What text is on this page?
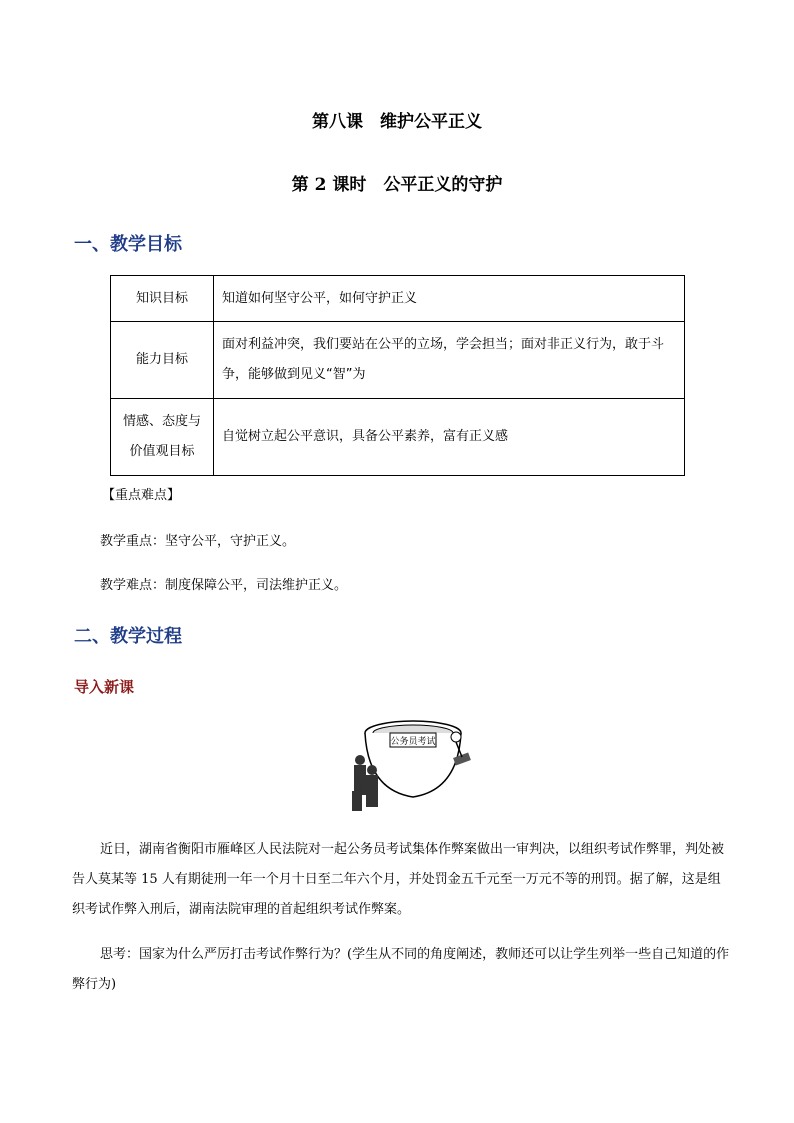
第八课　维护公平正义
第 2 课时　公平正义的守护
一、教学目标
知识目标	知道如何坚守公平，如何守护正义

能力目标	面对利益冲突，我们要站在公平的立场，学会担当；面对非正义行为，敢于斗争，能够做到见义“智”为

情感、态度与
价值观目标	自觉树立起公平意识，具备公平素养，富有正义感
【重点难点】
教学重点：坚守公平，守护正义。
教学难点：制度保障公平，司法维护正义。
二、教学过程
导入新课
公务员考试
近日，湖南省衡阳市雁峰区人民法院对一起公务员考试集体作弊案做出一审判决，以组织考试作弊罪，判处被告人莫某等 15 人有期徒刑一年一个月十日至二年六个月，并处罚金五千元至一万元不等的刑罚。据了解，这是组织考试作弊入刑后，湖南法院审理的首起组织考试作弊案。
思考：国家为什么严厉打击考试作弊行为？(学生从不同的角度阐述，教师还可以让学生列举一些自己知道的作弊行为)
